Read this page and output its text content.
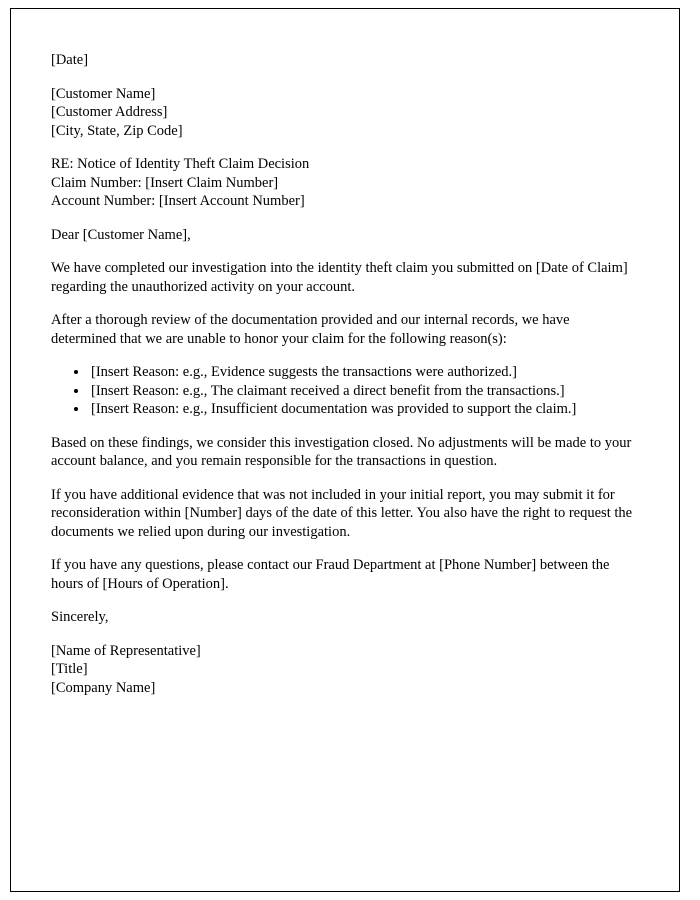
[Date]
[Customer Name]
[Customer Address]
[City, State, Zip Code]
RE: Notice of Identity Theft Claim Decision
Claim Number: [Insert Claim Number]
Account Number: [Insert Account Number]
Dear [Customer Name],

We have completed our investigation into the identity theft claim you submitted on [Date of Claim] regarding the unauthorized activity on your account.

After a thorough review of the documentation provided and our internal records, we have determined that we are unable to honor your claim for the following reason(s):

• [Insert Reason: e.g., Evidence suggests the transactions were authorized.]
• [Insert Reason: e.g., The claimant received a direct benefit from the transactions.]
• [Insert Reason: e.g., Insufficient documentation was provided to support the claim.]

Based on these findings, we consider this investigation closed. No adjustments will be made to your account balance, and you remain responsible for the transactions in question.

If you have additional evidence that was not included in your initial report, you may submit it for reconsideration within [Number] days of the date of this letter. You also have the right to request the documents we relied upon during our investigation.

If you have any questions, please contact our Fraud Department at [Phone Number] between the hours of [Hours of Operation].

Sincerely,
[Name of Representative]
[Title]
[Company Name]
